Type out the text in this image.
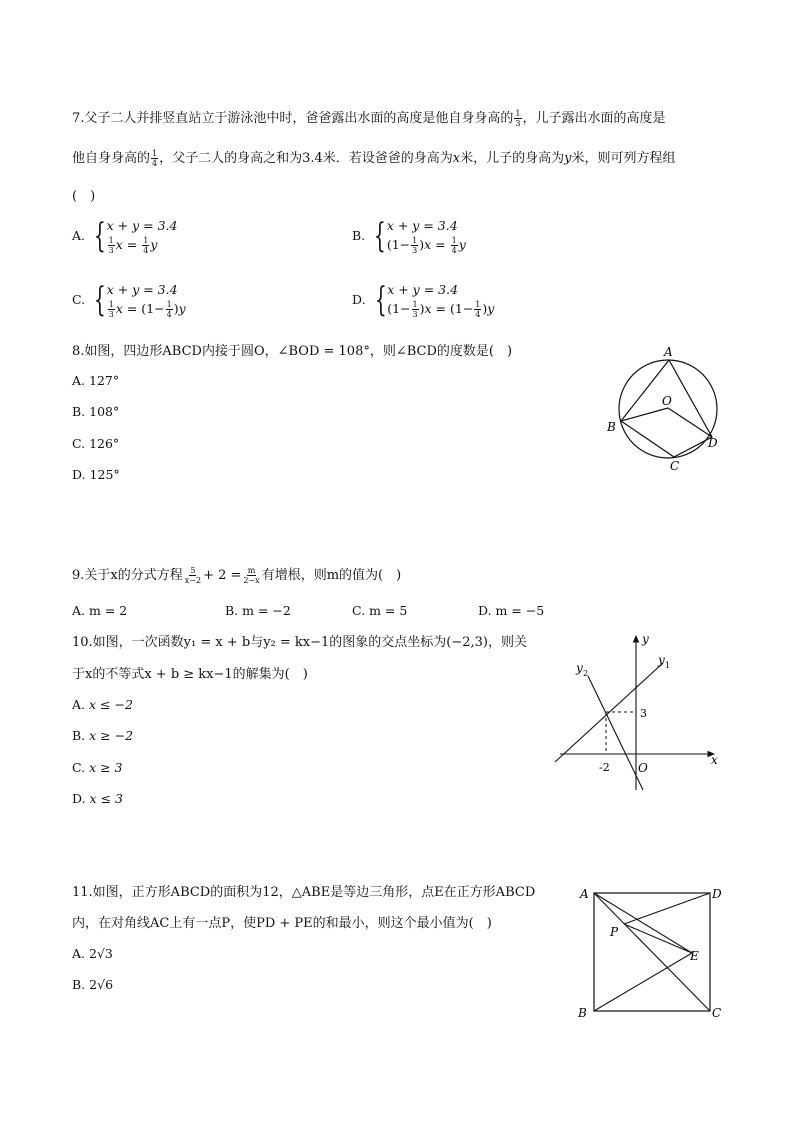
7.父子二人并排竖直站立于游泳池中时，爸爸露出水面的高度是他自身身高的 $\frac{1}{3}$ ，儿子露出水面的高度是
他自身身高的 $\frac{1}{4}$ ，父子二人的身高之和为3.4米．若设爸爸的身高为x米，儿子的身高为y米，则可列方程组
(　)
A. { x + y = 3.4
$\frac{1}{3}$ $x = \frac{1}{4}$ y
B. { x + y = 3.4
$(1- \frac{1}{3} )x = \frac{1}{4}$ y
C. { x + y = 3.4
$\frac{1}{3}$ $x = (1- \frac{1}{4} )y$
D. { x + y = 3.4
$(1- \frac{1}{3} )x = (1- \frac{1}{4} )y$
8.如图，四边形ABCD内接于圆O，∠BOD = 108°，则∠BCD的度数是(　)
A. 127°
B. 108°
C. 126°
D. 125°
A
O
B
D
C
9.关于x的分式方程 $\frac{5}{x-2} + 2 = \frac{m}{2-x}$ 有增根，则m的值为(　)
A. m = 2	B. m = −2	C. m = 5	D. m = −5
10.如图，一次函数y₁ = x + b与y₂ = kx−1的图象的交点坐标为(−2,3)，则关
于x的不等式x + b ≥ kx−1的解集为(　)
A. x ≤ −2
B. x ≥ −2
C. x ≥ 3
D. x ≤ 3
y
x
O
-2
3
y 1
y 2
11.如图，正方形ABCD的面积为12，△ABE是等边三角形，点E在正方形ABCD
内，在对角线AC上有一点P，使PD + PE的和最小，则这个最小值为(　)
A. 2√3
B. 2√6
A	D
B	C
P
E
